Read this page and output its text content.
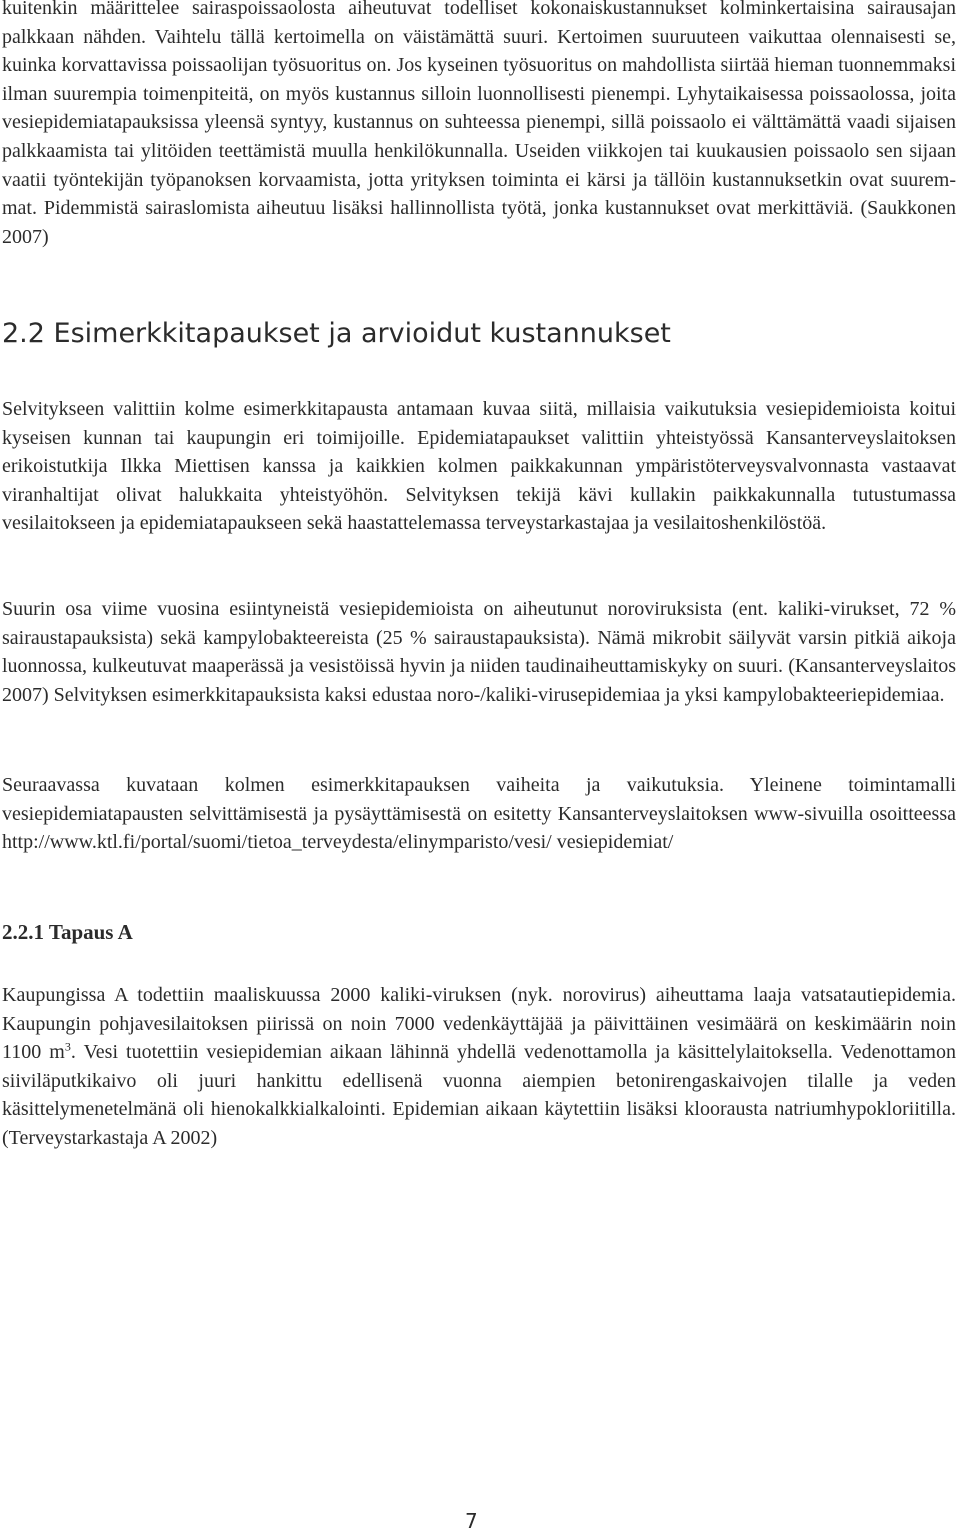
kuitenkin määrittelee sairaspoissaolosta aiheutuvat todelliset kokonaiskustannukset kolminkertaisina sairausajan palkkaan nähden. Vaihtelu tällä kertoimella on väistämättä suuri. Kertoimen suuruuteen vaikuttaa olennaisesti se, kuinka korvattavissa poissaolijan työsuoritus on. Jos kyseinen työsuoritus on mahdollista siirtää hieman tuonnemmaksi ilman suurempia toimenpiteitä, on myös kustannus silloin luonnollisesti pienempi. Lyhytaikaisessa poissaolossa, joita vesiepidemiatapauksissa yleensä syntyy, kustannus on suhteessa pienempi, sillä poissaolo ei välttämättä vaadi sijaisen palkkaamista tai ylitöiden teettämistä muulla henkilökunnalla. Useiden viikkojen tai kuukausien poissaolo sen sijaan vaatii työntekijän työpanoksen korvaamista, jotta yrityksen toiminta ei kärsi ja tällöin kustannuksetkin ovat suuremmat. Pidemmistä sairaslomista aiheutuu lisäksi hallinnollista työtä, jonka kustannukset ovat merkittäviä. (Saukkonen 2007)

2.2 Esimerkkitapaukset ja arvioidut kustannukset

Selvitykseen valittiin kolme esimerkkitapausta antamaan kuvaa siitä, millaisia vaikutuksia vesiepidemioista koitui kyseisen kunnan tai kaupungin eri toimijoille. Epidemiatapaukset valittiin yhteistyössä Kansanterveyslaitoksen erikoistutkija Ilkka Miettisen kanssa ja kaikkien kolmen paikkakunnan ympäristöterveysvalvonnasta vastaavat viranhaltijat olivat halukkaita yhteistyöhön. Selvityksen tekijä kävi kullakin paikkakunnalla tutustumassa vesilaitokseen ja epidemiatapaukseen sekä haastattelemassa terveystarkastajaa ja vesilaitoshenkilöstöä.

Suurin osa viime vuosina esiintyneistä vesiepidemioista on aiheutunut noroviruksista (ent. kaliki-virukset, 72 % sairaustapauksista) sekä kampylobakteereista (25 % sairaustapauksista). Nämä mikrobit säilyvät varsin pitkiä aikoja luonnossa, kulkeutuvat maaperässä ja vesistöissä hyvin ja niiden taudinaiheuttamiskyky on suuri. (Kansanterveyslaitos 2007) Selvityksen esimerkkitapauksista kaksi edustaa noro-/kaliki-virusepidemiaa ja yksi kampylobakteeriepidemiaa.

Seuraavassa kuvataan kolmen esimerkkitapauksen vaiheita ja vaikutuksia. Yleinene toimintamalli vesiepidemiatapausten selvittämisestä ja pysäyttämisestä on esitetty Kansanterveyslaitoksen www-sivuilla osoitteessa http://www.ktl.fi/portal/suomi/tietoa_terveydesta/elinymparisto/vesi/ vesiepidemiat/

2.2.1 Tapaus A

Kaupungissa A todettiin maaliskuussa 2000 kaliki-viruksen (nyk. norovirus) aiheuttama laaja vatsatautiepidemia. Kaupungin pohjavesilaitoksen piirissä on noin 7000 vedenkäyttäjää ja päivittäinen vesimäärä on keskimäärin noin 1100 $m^3$. Vesi tuotettiin vesiepidemian aikaan lähinnä yhdellä vedenottamolla ja käsittelylaitoksella. Vedenottamon siiviläputkikaivo oli juuri hankittu edellisenä vuonna aiempien betonirengaskaivojen tilalle ja veden käsittelymenetelmänä oli hienokalkkialkalointi. Epidemian aikaan käytettiin lisäksi kloorausta natriumhypokloriitilla. (Terveystarkastaja A 2002)

7
